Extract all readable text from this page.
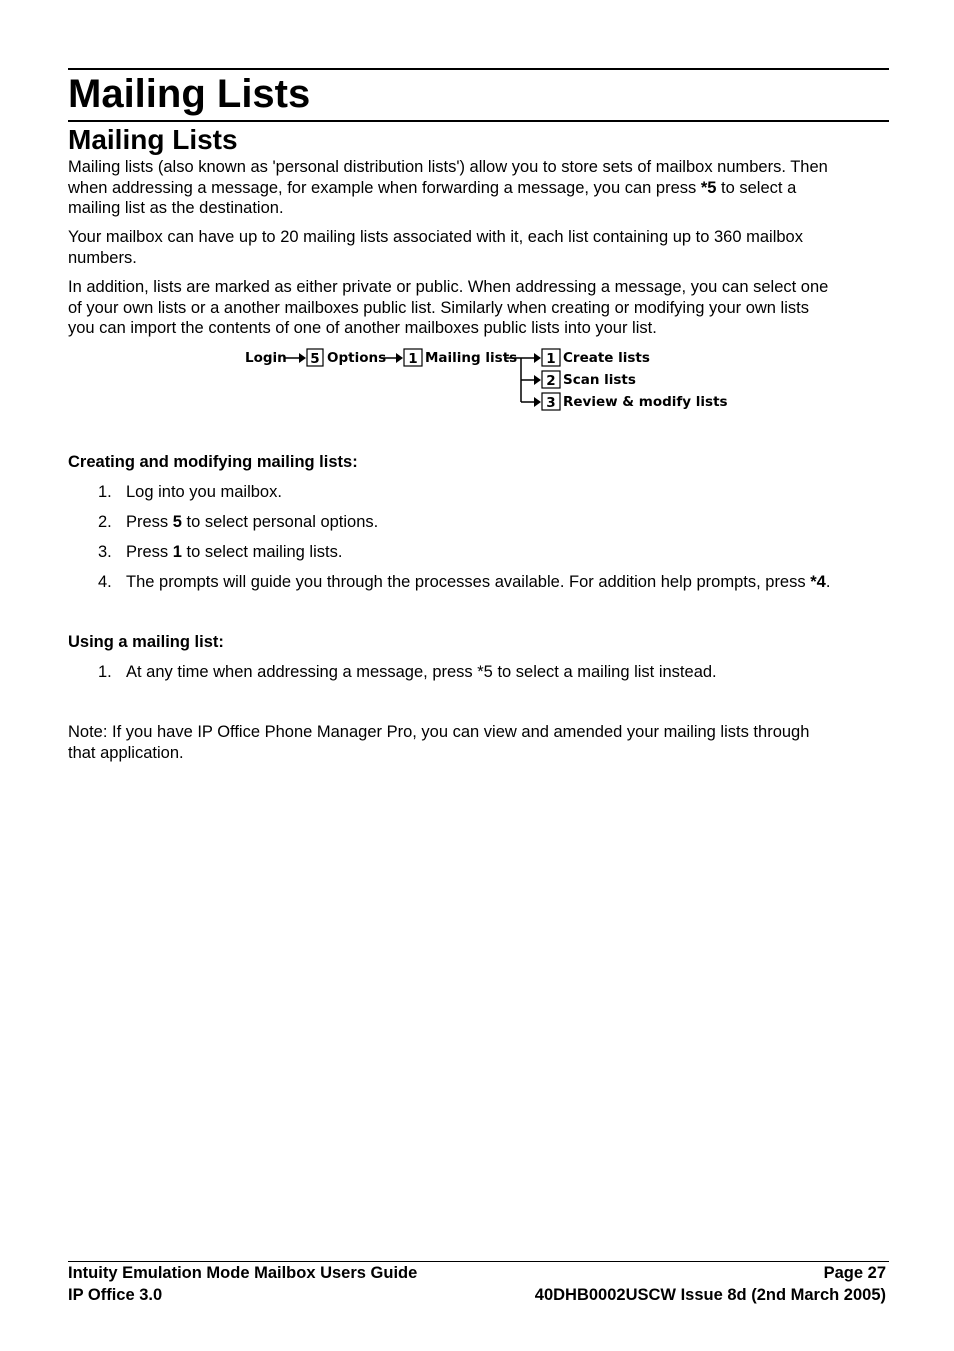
Mailing Lists
Mailing Lists

Mailing lists (also known as 'personal distribution lists') allow you to store sets of mailbox numbers. Then
when addressing a message, for example when forwarding a message, you can press *5 to select a
mailing list as the destination.

Your mailbox can have up to 20 mailing lists associated with it, each list containing up to 360 mailbox
numbers.

In addition, lists are marked as either private or public. When addressing a message, you can select one
of your own lists or a another mailboxes public list. Similarly when creating or modifying your own lists
you can import the contents of one of another mailboxes public lists into your list.

Login 5 Options 1 Mailing lists 1 Create lists
2 Scan lists
3 Review & modify lists
Creating and modifying mailing lists:
1. Log into you mailbox.
2. Press 5 to select personal options.
3. Press 1 to select mailing lists.
4. The prompts will guide you through the processes available. For addition help prompts, press *4.
Using a mailing list:
1. At any time when addressing a message, press *5 to select a mailing list instead.

Note: If you have IP Office Phone Manager Pro, you can view and amended your mailing lists through
that application.

Intuity Emulation Mode Mailbox Users Guide	Page 27
IP Office 3.0	40DHB0002USCW Issue 8d (2nd March 2005)
